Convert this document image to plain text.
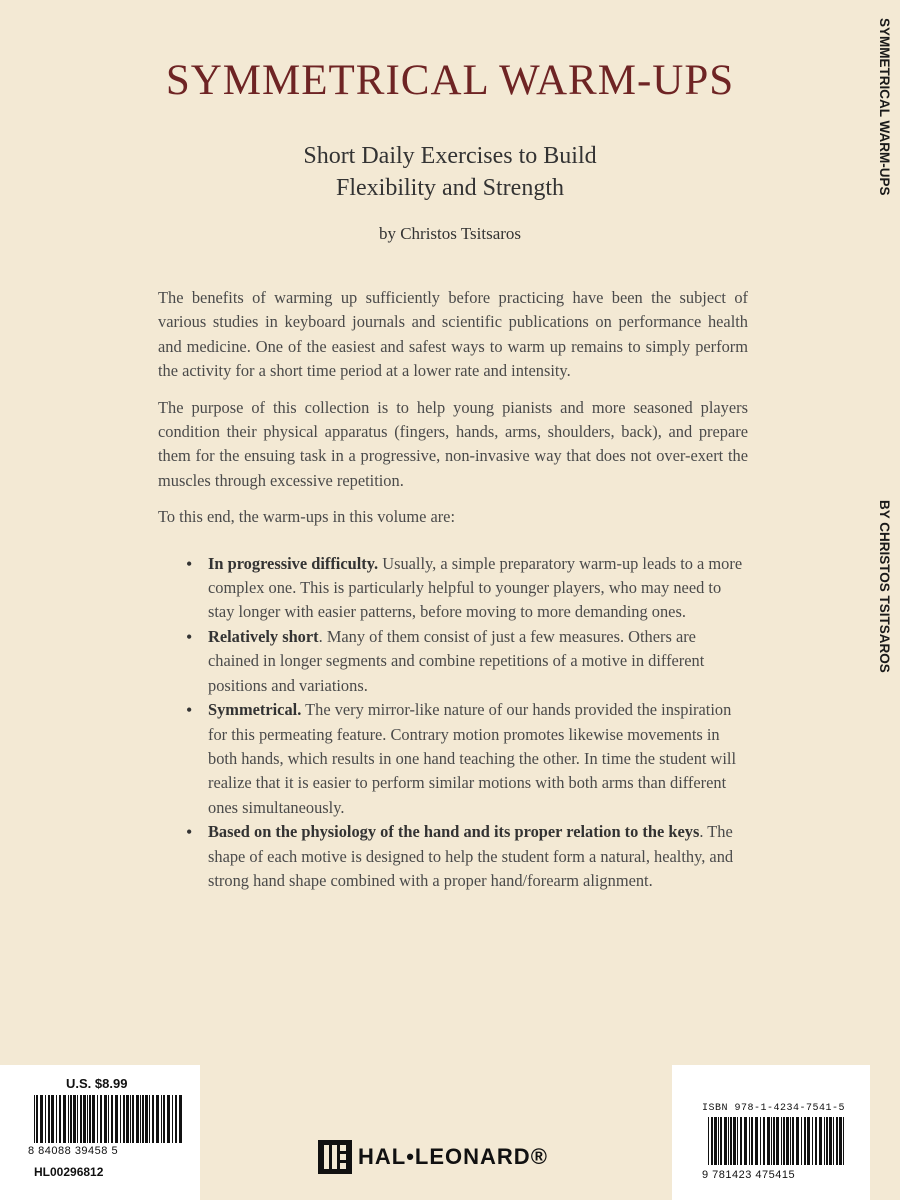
SYMMETRICAL WARM-UPS
Short Daily Exercises to Build
Flexibility and Strength
by Christos Tsitsaros

The benefits of warming up sufficiently before practicing have been the subject of various studies in keyboard journals and scientific publications on performance health and medicine. One of the easiest and safest ways to warm up remains to simply perform the activity for a short time period at a lower rate and intensity.

The purpose of this collection is to help young pianists and more seasoned players condition their physical apparatus (fingers, hands, arms, shoulders, back), and prepare them for the ensuing task in a progressive, non-invasive way that does not over-exert the muscles through excessive repetition.

To this end, the warm-ups in this volume are:

• In progressive difficulty. Usually, a simple preparatory warm-up leads to a more complex one. This is particularly helpful to younger players, who may need to stay longer with easier patterns, before moving to more demanding ones.
• Relatively short. Many of them consist of just a few measures. Others are chained in longer segments and combine repetitions of a motive in different positions and variations.
• Symmetrical. The very mirror-like nature of our hands provided the inspiration for this permeating feature. Contrary motion promotes likewise movements in both hands, which results in one hand teaching the other. In time the student will realize that it is easier to perform similar motions with both arms than different ones simultaneously.
• Based on the physiology of the hand and its proper relation to the keys. The shape of each motive is designed to help the student form a natural, healthy, and strong hand shape combined with a proper hand/forearm alignment.
SYMMETRICAL WARM-UPS
BY CHRISTOS TSITSAROS
U.S. $8.99
8 84088 39458 5
HL00296812
ISBN 978-1-4234-7541-5
9 781423 475415
HAL•LEONARD®
